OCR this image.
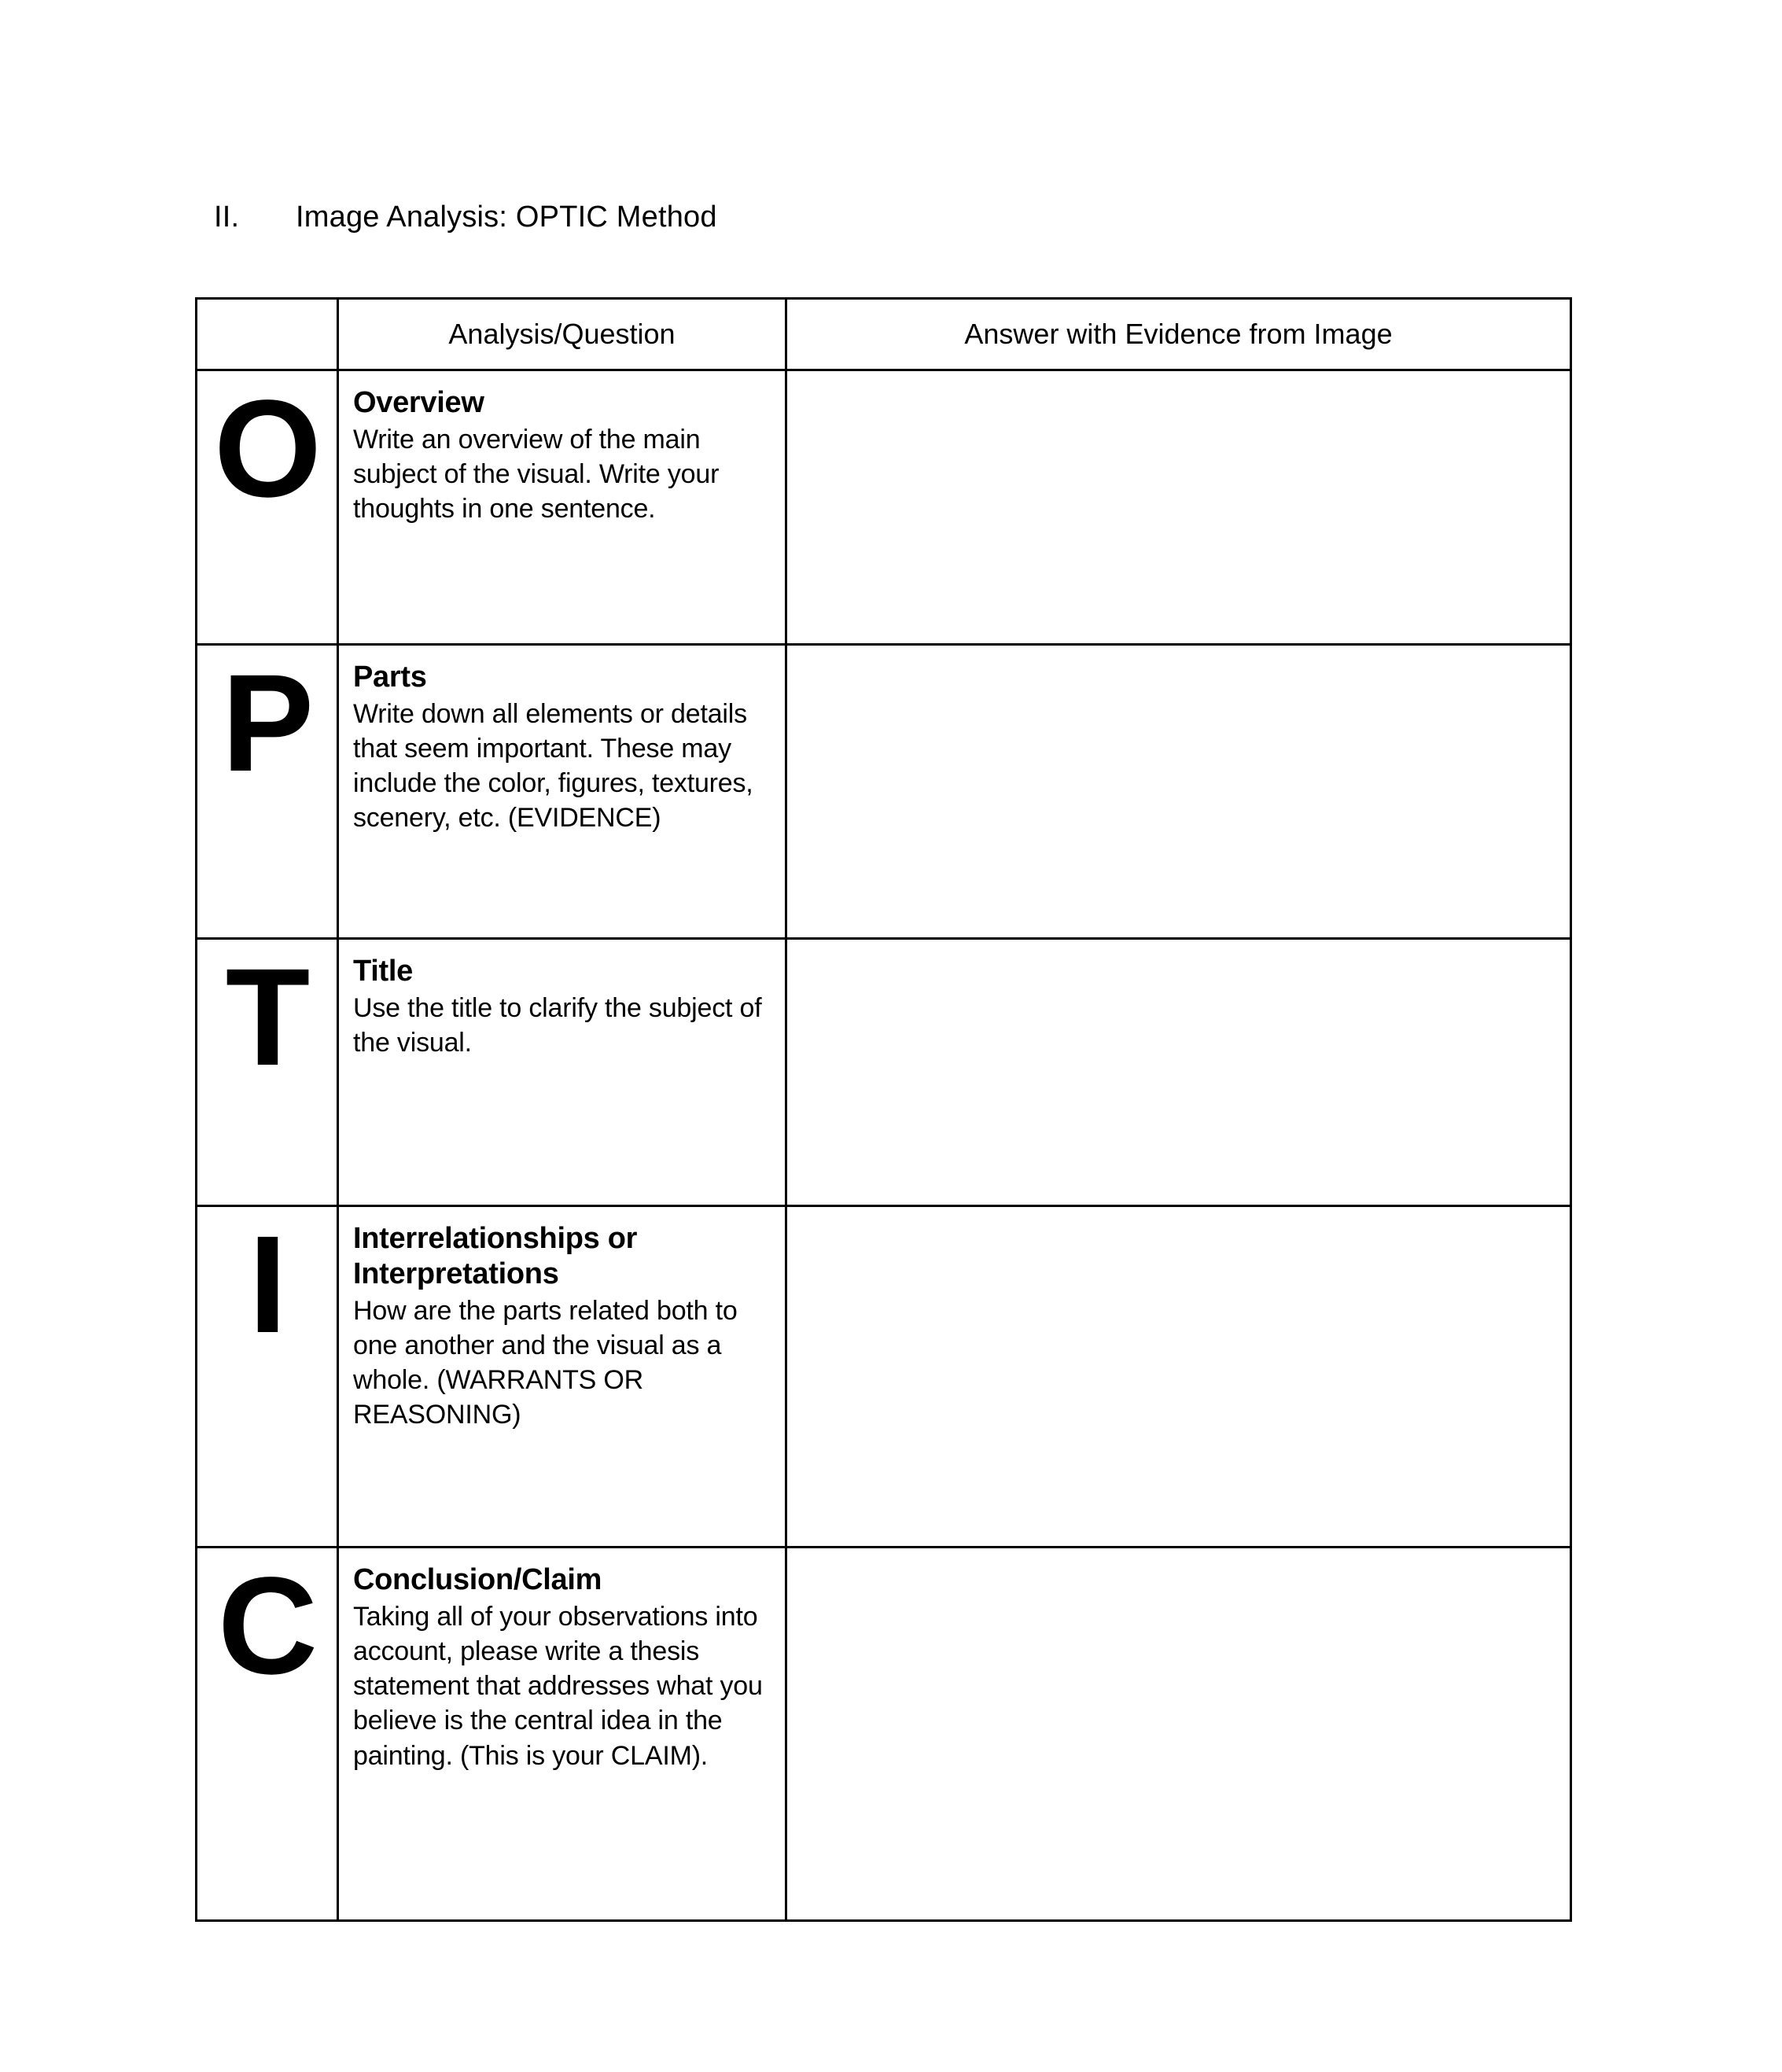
II.	Image Analysis: OPTIC Method
	Analysis/Question	Answer with Evidence from Image

O	Overview

Write an overview of the main subject of the visual. Write your thoughts in one sentence.	

P	Parts

Write down all elements or details that seem important. These may include the color, figures, textures, scenery, etc. (EVIDENCE)	

T	Title

Use the title to clarify the subject of the visual.	

I	Interrelationships or Interpretations

How are the parts related both to one another and the visual as a whole. (WARRANTS OR REASONING)	

C	Conclusion/Claim

Taking all of your observations into account, please write a thesis statement that addresses what you believe is the central idea in the painting. (This is your CLAIM).	
